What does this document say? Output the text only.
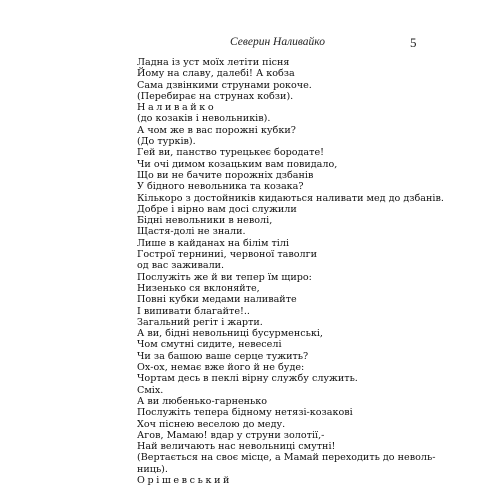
Северин Наливайко	5
Ладна із уст моїх летіти пісня
Йому на славу, далебі! А кобза
Сама дзвінкими струнами рокоче.
(Перебирає на струнах кобзи).
Наливайко
(до козаків і невольників).
А чом же в вас порожні кубки?
(До турків).
Гей ви, панство турецькеє бородате!
Чи очі димом козацьким вам повидало,
Що ви не бачите порожніх дзбанів
У бідного невольника та козака?
Кількоро з достойників кидаються наливати мед до дзбанів.
Добре і вірно вам досі служили
Бідні невольники в неволі,
Щастя-долі не знали.
Лише в кайданах на білім тілі
Гострої терниниі, червоної таволги
од вас заживали.
Послужіть же й ви тепер їм щиро:
Низенько ся вклоняйте,
Повні кубки медами наливайте
І випивати благайте!..
Загальний регіт і жарти.
А ви, бідні невольниці бусурменські,
Чом смутні сидите, невеселі
Чи за башою ваше серце тужить?
Ох-ох, немає вже його й не буде:
Чортам десь в пеклі вірну службу служить.
Сміх.
А ви любенько-гарненько
Послужіть тепера бідному нетязі-козакові
Хоч піснею веселою до меду.
Агов, Мамаю! вдар у струни золотії,-
Най величають нас невольниці смутні!
(Вертається на своє місце, а Мамай переходить до неволь-
ниць).
Орішевський
